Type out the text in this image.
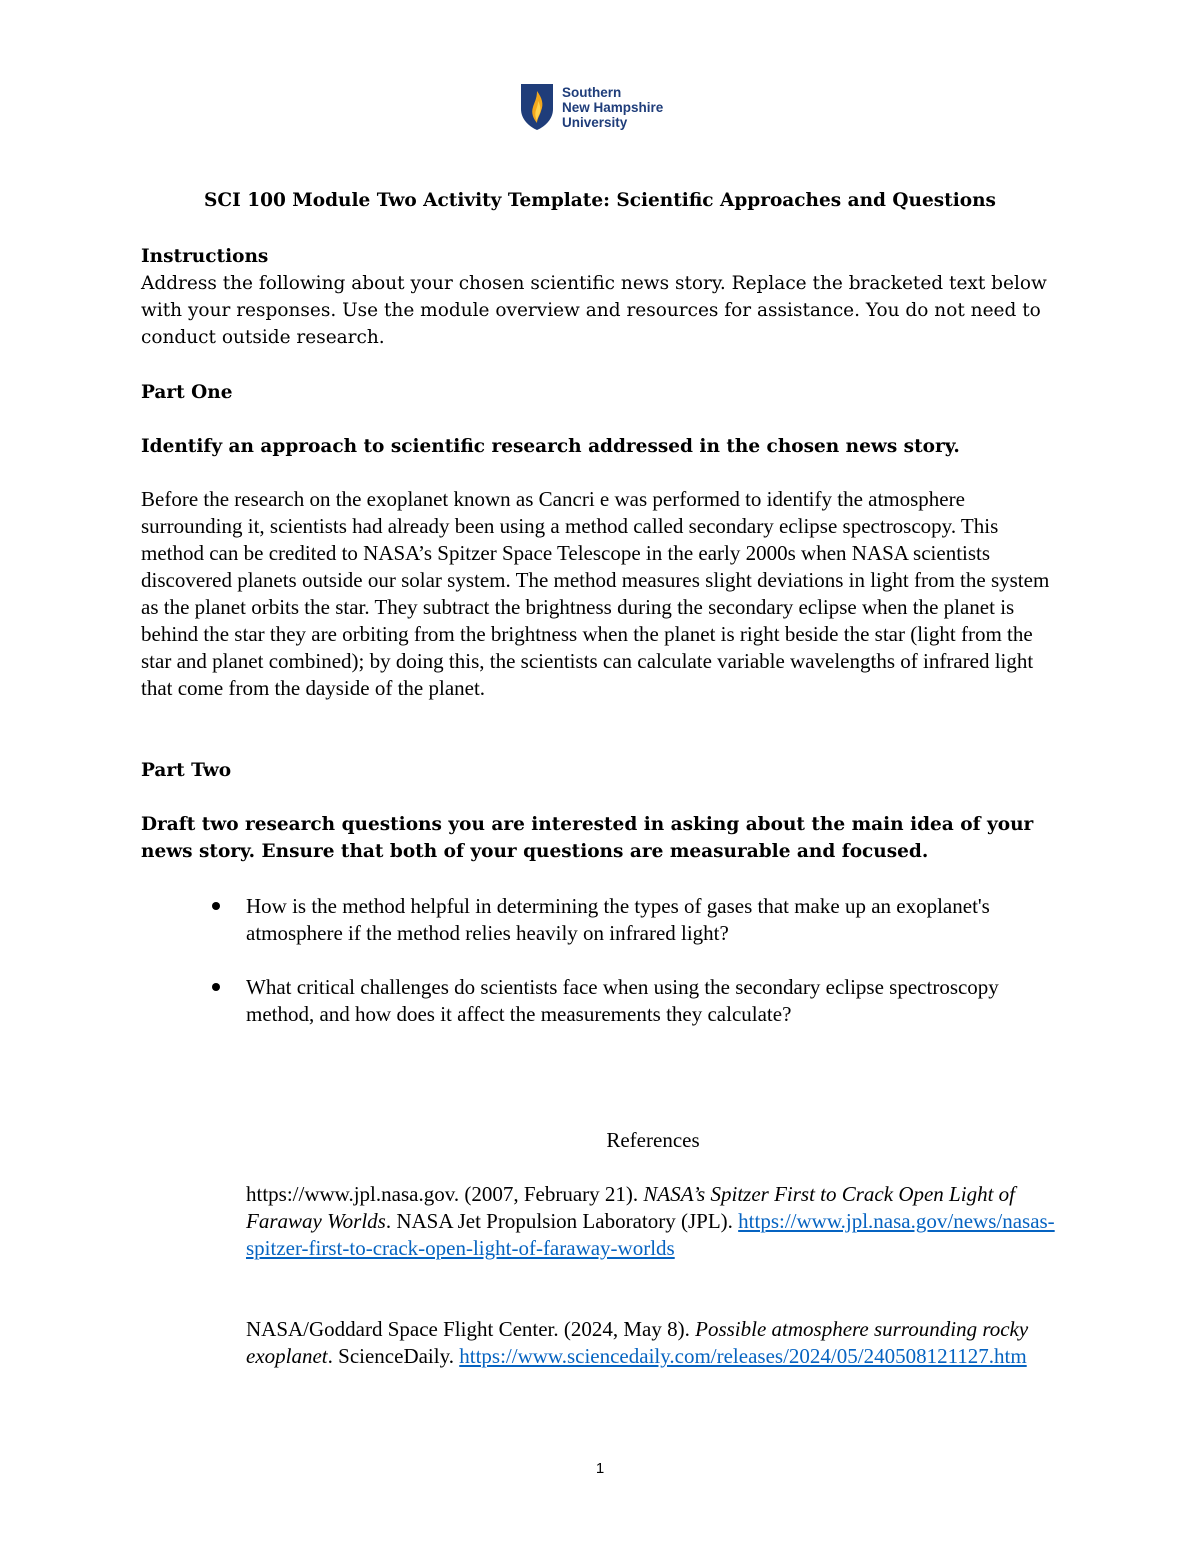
Southern
New Hampshire
University

SCI 100 Module Two Activity Template: Scientific Approaches and Questions

Instructions
Address the following about your chosen scientific news story. Replace the bracketed text below with your responses. Use the module overview and resources for assistance. You do not need to conduct outside research.
Part One
Identify an approach to scientific research addressed in the chosen news story.
Before the research on the exoplanet known as Cancri e was performed to identify the atmosphere surrounding it, scientists had already been using a method called secondary eclipse spectroscopy. This method can be credited to NASA’s Spitzer Space Telescope in the early 2000s when NASA scientists discovered planets outside our solar system. The method measures slight deviations in light from the system as the planet orbits the star. They subtract the brightness during the secondary eclipse when the planet is behind the star they are orbiting from the brightness when the planet is right beside the star (light from the star and planet combined); by doing this, the scientists can calculate variable wavelengths of infrared light that come from the dayside of the planet.
Part Two
Draft two research questions you are interested in asking about the main idea of your news story. Ensure that both of your questions are measurable and focused.
How is the method helpful in determining the types of gases that make up an exoplanet's atmosphere if the method relies heavily on infrared light?
What critical challenges do scientists face when using the secondary eclipse spectroscopy method, and how does it affect the measurements they calculate?

References

https://www.jpl.nasa.gov. (2007, February 21). NASA’s Spitzer First to Crack Open Light of Faraway Worlds. NASA Jet Propulsion Laboratory (JPL). https://www.jpl.nasa.gov/news/nasas-spitzer-first-to-crack-open-light-of-faraway-worlds

NASA/Goddard Space Flight Center. (2024, May 8). Possible atmosphere surrounding rocky exoplanet. ScienceDaily. https://www.sciencedaily.com/releases/2024/05/240508121127.htm

1
